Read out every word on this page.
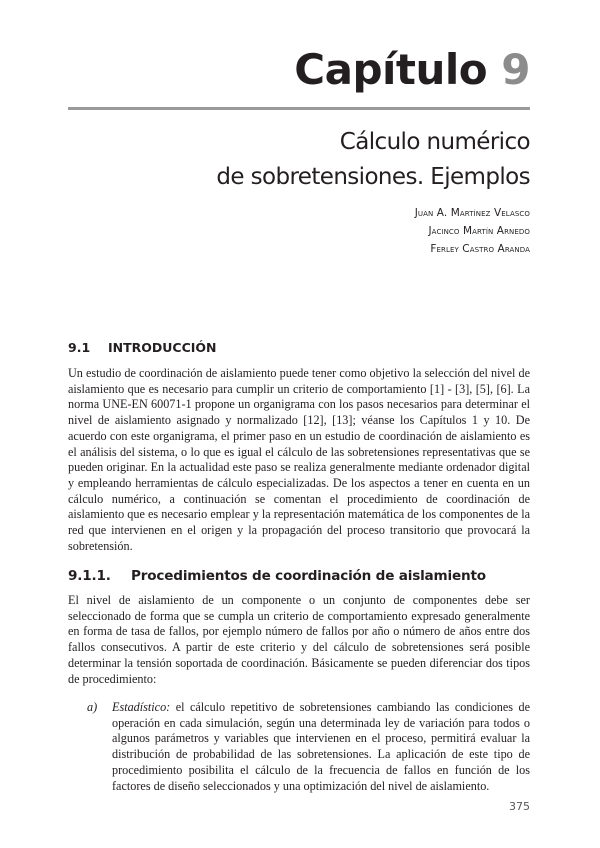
Capítulo 9
Cálculo numérico
de sobretensiones. Ejemplos
Juan A. Martínez Velasco
Jacinco Martín Arnedo
Ferley Castro Aranda
9.1 INTRODUCCIÓN

Un estudio de coordinación de aislamiento puede tener como objetivo la selección del nivel de aislamiento que es necesario para cumplir un criterio de comportamiento [1] - [3], [5], [6]. La norma UNE-EN 60071-1 propone un organigrama con los pasos necesarios para determinar el nivel de aislamiento asignado y normalizado [12], [13]; véanse los Capítulos 1 y 10. De acuerdo con este organigrama, el primer paso en un estudio de coordinación de aislamiento es el análisis del sistema, o lo que es igual el cálculo de las sobretensiones representativas que se pueden originar. En la actualidad este paso se realiza generalmente mediante ordenador digital y empleando herramientas de cálculo especializadas. De los aspectos a tener en cuenta en un cálculo numérico, a continuación se comentan el procedimiento de coordinación de aislamiento que es necesario emplear y la representación matemática de los componentes de la red que intervienen en el origen y la propagación del proceso transitorio que provocará la sobretensión.

9.1.1. Procedimientos de coordinación de aislamiento

El nivel de aislamiento de un componente o un conjunto de componentes debe ser seleccionado de forma que se cumpla un criterio de comportamiento expresado generalmente en forma de tasa de fallos, por ejemplo número de fallos por año o número de años entre dos fallos consecutivos. A partir de este criterio y del cálculo de sobretensiones será posible determinar la tensión soportada de coordinación. Básicamente se pueden diferenciar dos tipos de procedimiento:

a) Estadístico: el cálculo repetitivo de sobretensiones cambiando las condiciones de operación en cada simulación, según una determinada ley de variación para todos o algunos parámetros y variables que intervienen en el proceso, permitirá evaluar la distribución de probabilidad de las sobretensiones. La aplicación de este tipo de procedimiento posibilita el cálculo de la frecuencia de fallos en función de los factores de diseño seleccionados y una optimización del nivel de aislamiento.
375
